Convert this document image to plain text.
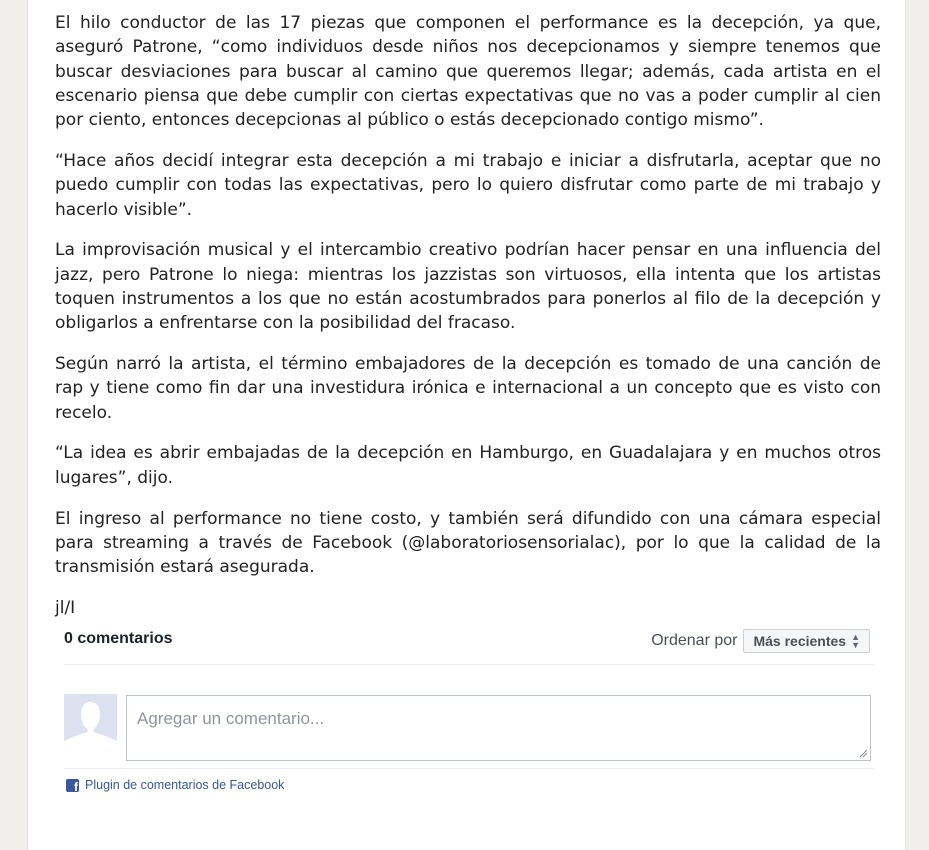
El hilo conductor de las 17 piezas que componen el performance es la decepción, ya que, aseguró Patrone, “como individuos desde niños nos decepcionamos y siempre tenemos que buscar desviaciones para buscar al camino que queremos llegar; además, cada artista en el escenario piensa que debe cumplir con ciertas expectativas que no vas a poder cumplir al cien por ciento, entonces decepcionas al público o estás decepcionado contigo mismo”.

“Hace años decidí integrar esta decepción a mi trabajo e iniciar a disfrutarla, aceptar que no puedo cumplir con todas las expectativas, pero lo quiero disfrutar como parte de mi trabajo y hacerlo visible”.

La improvisación musical y el intercambio creativo podrían hacer pensar en una influencia del jazz, pero Patrone lo niega: mientras los jazzistas son virtuosos, ella intenta que los artistas toquen instrumentos a los que no están acostumbrados para ponerlos al filo de la decepción y obligarlos a enfrentarse con la posibilidad del fracaso.

Según narró la artista, el término embajadores de la decepción es tomado de una canción de rap y tiene como fin dar una investidura irónica e internacional a un concepto que es visto con recelo.

“La idea es abrir embajadas de la decepción en Hamburgo, en Guadalajara y en muchos otros lugares”, dijo.

El ingreso al performance no tiene costo, y también será difundido con una cámara especial para streaming a través de Facebook (@laboratoriosensorialac), por lo que la calidad de la transmisión estará asegurada.

jl/I

0 comentarios	Ordenar por Más recientes ▲
▼
Agregar un comentario...
f Plugin de comentarios de Facebook
